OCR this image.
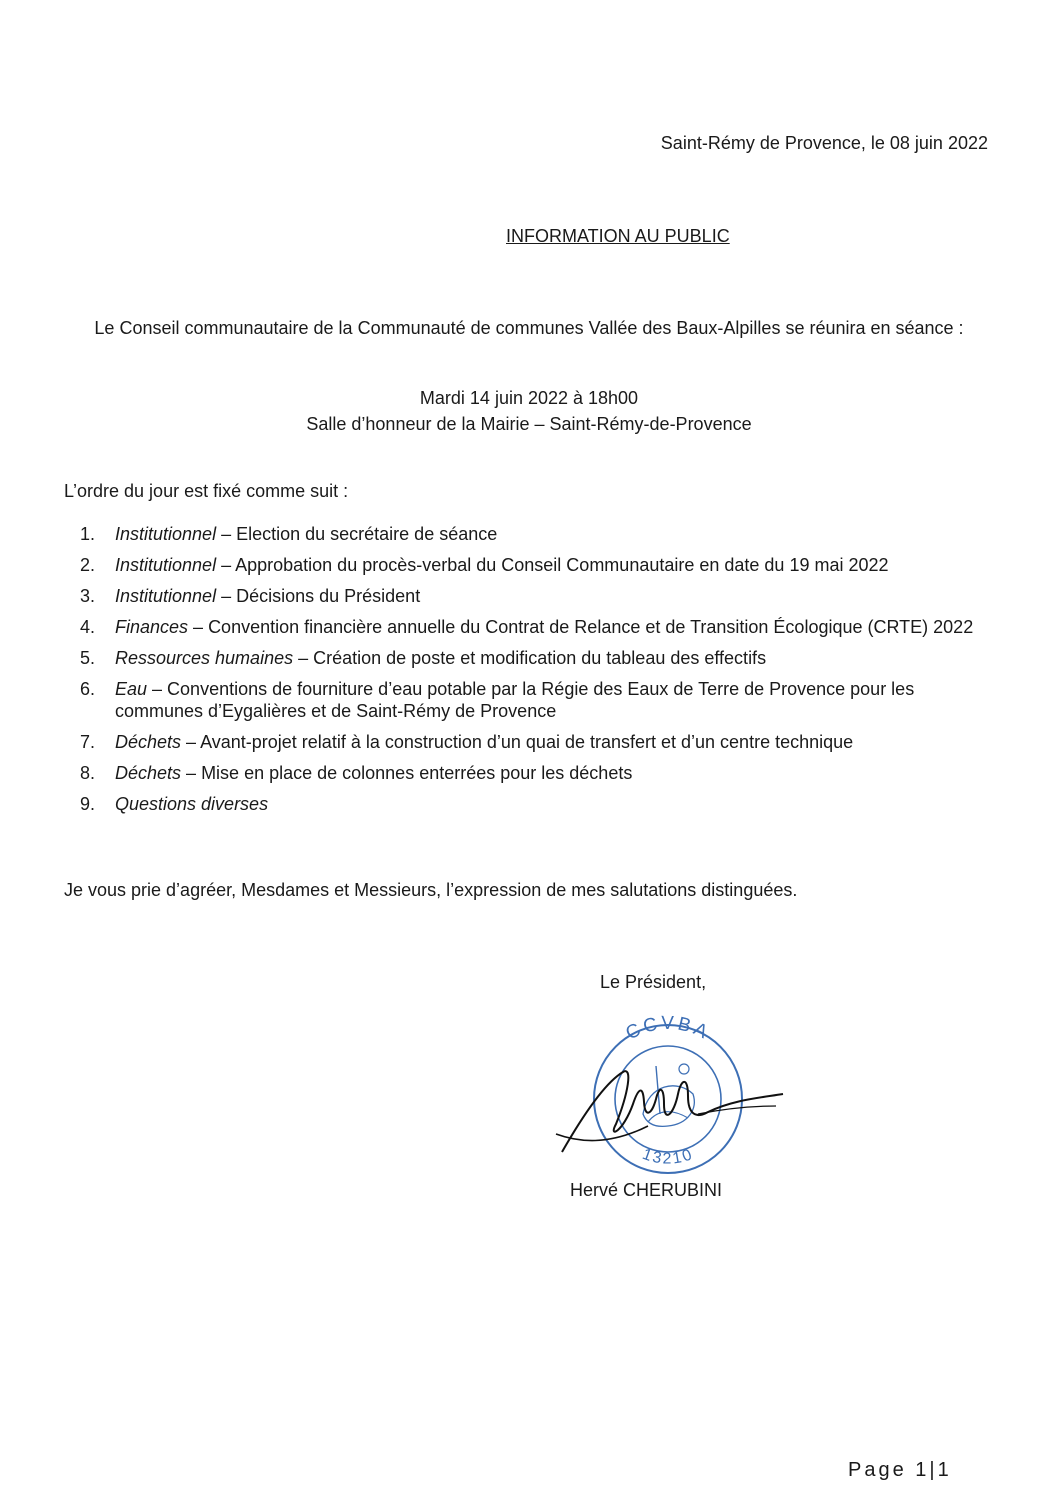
Saint-Rémy de Provence, le 08 juin 2022
INFORMATION AU PUBLIC
Le Conseil communautaire de la Communauté de communes Vallée des Baux-Alpilles se réunira en séance :
Mardi 14 juin 2022 à 18h00
Salle d’honneur de la Mairie – Saint-Rémy-de-Provence
L’ordre du jour est fixé comme suit :
1. Institutionnel – Election du secrétaire de séance
2. Institutionnel – Approbation du procès-verbal du Conseil Communautaire en date du 19 mai 2022
3. Institutionnel – Décisions du Président
4. Finances – Convention financière annuelle du Contrat de Relance et de Transition Écologique (CRTE) 2022
5. Ressources humaines – Création de poste et modification du tableau des effectifs
6. Eau – Conventions de fourniture d’eau potable par la Régie des Eaux de Terre de Provence pour les communes d’Eygalières et de Saint-Rémy de Provence
7. Déchets – Avant-projet relatif à la construction d’un quai de transfert et d’un centre technique
8. Déchets – Mise en place de colonnes enterrées pour les déchets
9. Questions diverses
Je vous prie d’agréer, Mesdames et Messieurs, l’expression de mes salutations distinguées.
Le Président,
CCVBA
13210
Hervé CHERUBINI
Page 1|1
